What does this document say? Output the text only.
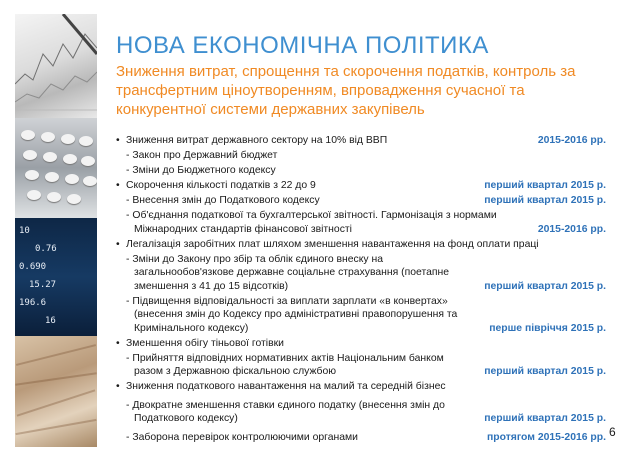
10
0.76
0.690
15.27
196.6
16
НОВА ЕКОНОМІЧНА ПОЛІТИКА
Зниження витрат, спрощення та скорочення податків, контроль за трансфертним ціноутворенням, впровадження сучасної та конкурентної системи державних закупівель
• Зниження витрат державного сектору на 10% від ВВП	2015-2016 рр.
- Закон про Державний бюджет
- Зміни до Бюджетного кодексу
• Скорочення кількості податків з 22 до 9	перший квартал 2015 р.
- Внесення змін до Податкового кодексу	перший квартал 2015 р.
- Об'єднання податкової та бухгалтерської звітності. Гармонізація з нормами Міжнародних стандартів фінансової звітності	2015-2016 рр.
• Легалізація заробітних плат шляхом зменшення навантаження на фонд оплати праці
- Зміни до Закону про збір та облік єдиного внеску на загальнообов'язкове державне соціальне страхування (поетапне зменшення з 41 до 15 відсотків)	перший квартал 2015 р.
- Підвищення відповідальності за виплати зарплати «в конвертах» (внесення змін до Кодексу про адміністративні правопорушення та Кримінального кодексу)	перше півріччя 2015 р.
• Зменшення обігу тіньової готівки
- Прийняття відповідних нормативних актів Національним банком разом з Державною фіскальною службою	перший квартал 2015 р.
• Зниження податкового навантаження на малий та середній бізнес
- Двократне зменшення ставки єдиного податку (внесення змін до Податкового кодексу)	перший квартал 2015 р.
- Заборона перевірок контролюючими органами	протягом 2015-2016 рр. 6
